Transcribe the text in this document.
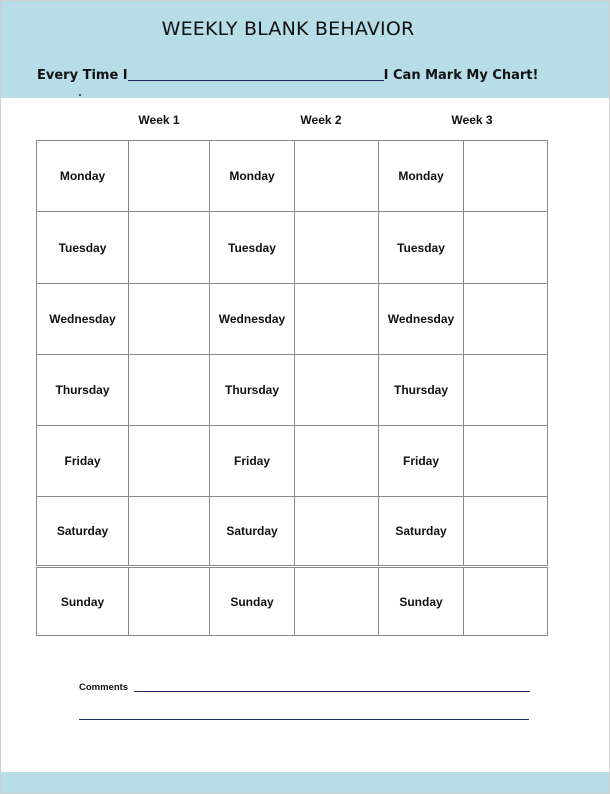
WEEKLY BLANK BEHAVIOR
Every Time I	I Can Mark My Chart!
Week 1	Week 2	Week 3
Monday		Monday		Monday	
Tuesday		Tuesday		Tuesday	
Wednesday		Wednesday		Wednesday	
Thursday		Thursday		Thursday	
Friday		Friday		Friday	
Saturday		Saturday		Saturday	
Sunday		Sunday		Sunday	
Comments
